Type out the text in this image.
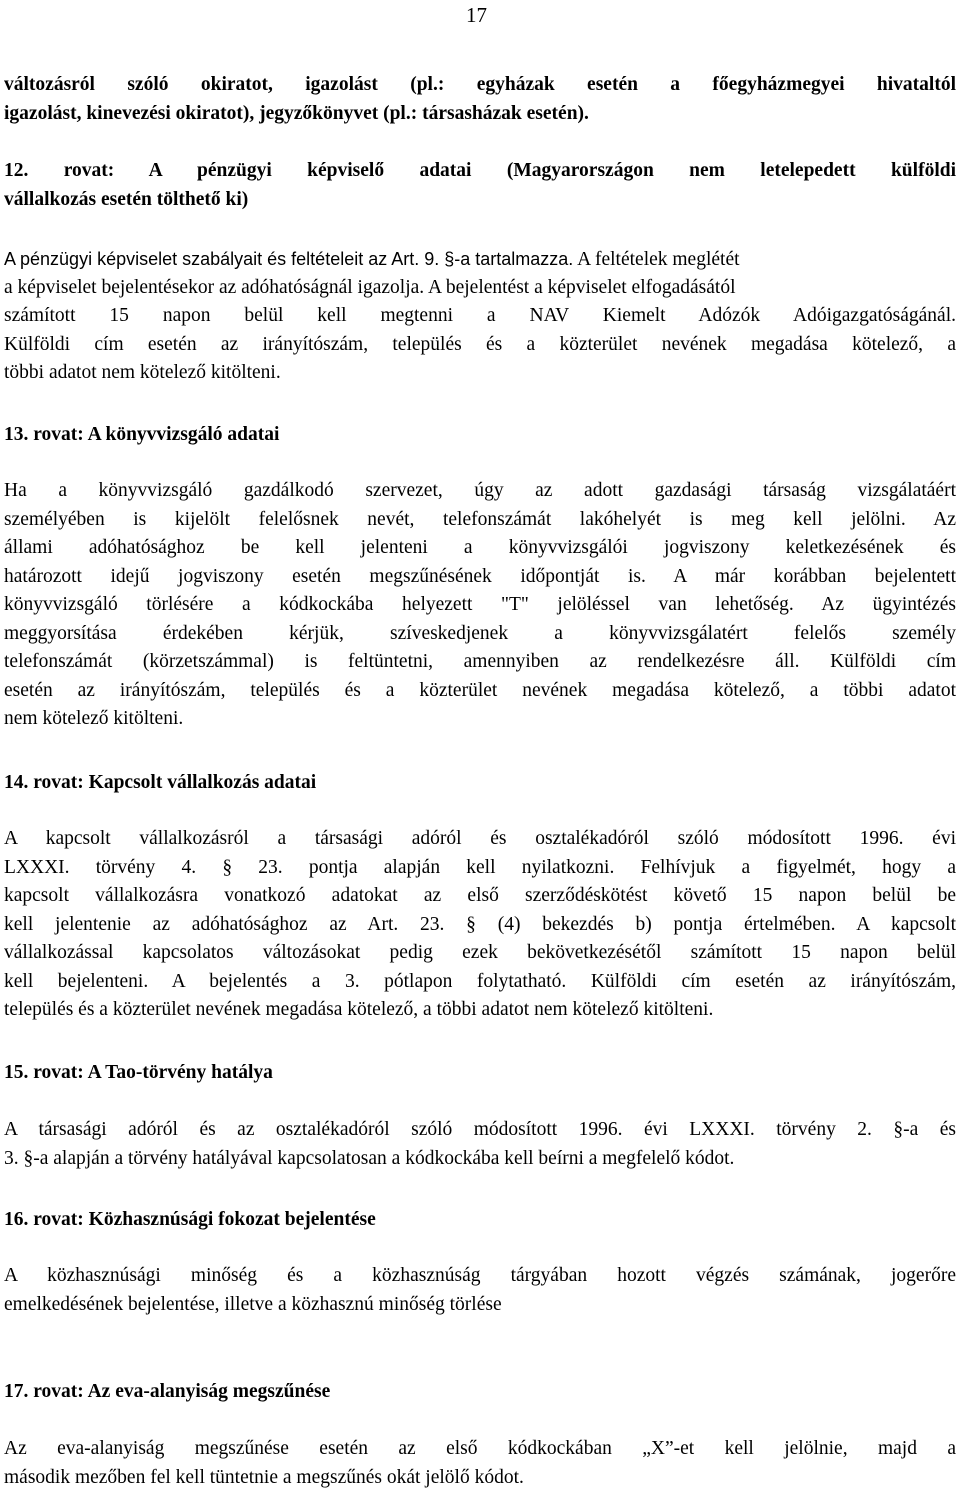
17
változásról szóló okiratot, igazolást (pl.: egyházak esetén a főegyházmegyei hivataltól
igazolást, kinevezési okiratot), jegyzőkönyvet (pl.: társasházak esetén).
12. rovat: A pénzügyi képviselő adatai (Magyarországon nem letelepedett külföldi
vállalkozás esetén tölthető ki)
A pénzügyi képviselet szabályait és feltételeit az Art. 9. §-a tartalmazza. A feltételek meglétét
a képviselet bejelentésekor az adóhatóságnál igazolja. A bejelentést a képviselet elfogadásától
számított 15 napon belül kell megtenni a NAV Kiemelt Adózók Adóigazgatóságánál.
Külföldi cím esetén az irányítószám, település és a közterület nevének megadása kötelező, a
többi adatot nem kötelező kitölteni.
13. rovat: A könyvvizsgáló adatai
Ha a könyvvizsgáló gazdálkodó szervezet, úgy az adott gazdasági társaság vizsgálatáért
személyében is kijelölt felelősnek nevét, telefonszámát lakóhelyét is meg kell jelölni. Az
állami adóhatósághoz be kell jelenteni a könyvvizsgálói jogviszony keletkezésének és
határozott idejű jogviszony esetén megszűnésének időpontját is. A már korábban bejelentett
könyvvizsgáló törlésére a kódkockába helyezett "T" jelöléssel van lehetőség. Az ügyintézés
meggyorsítása érdekében kérjük, szíveskedjenek a könyvvizsgálatért felelős személy
telefonszámát (körzetszámmal) is feltüntetni, amennyiben az rendelkezésre áll. Külföldi cím
esetén az irányítószám, település és a közterület nevének megadása kötelező, a többi adatot
nem kötelező kitölteni.
14. rovat: Kapcsolt vállalkozás adatai
A kapcsolt vállalkozásról a társasági adóról és osztalékadóról szóló módosított 1996. évi
LXXXI. törvény 4. § 23. pontja alapján kell nyilatkozni. Felhívjuk a figyelmét, hogy a
kapcsolt vállalkozásra vonatkozó adatokat az első szerződéskötést követő 15 napon belül be
kell jelentenie az adóhatósághoz az Art. 23. § (4) bekezdés b) pontja értelmében. A kapcsolt
vállalkozással kapcsolatos változásokat pedig ezek bekövetkezésétől számított 15 napon belül
kell bejelenteni. A bejelentés a 3. pótlapon folytatható. Külföldi cím esetén az irányítószám,
település és a közterület nevének megadása kötelező, a többi adatot nem kötelező kitölteni.
15. rovat: A Tao-törvény hatálya
A társasági adóról és az osztalékadóról szóló módosított 1996. évi LXXXI. törvény 2. §-a és
3. §-a alapján a törvény hatályával kapcsolatosan a kódkockába kell beírni a megfelelő kódot.
16. rovat: Közhasznúsági fokozat bejelentése
A közhasznúsági minőség és a közhasznúság tárgyában hozott végzés számának, jogerőre
emelkedésének bejelentése, illetve a közhasznú minőség törlése
17. rovat: Az eva-alanyiság megszűnése
Az eva-alanyiság megszűnése esetén az első kódkockában „X”-et kell jelölnie, majd a
második mezőben fel kell tüntetnie a megszűnés okát jelölő kódot.
